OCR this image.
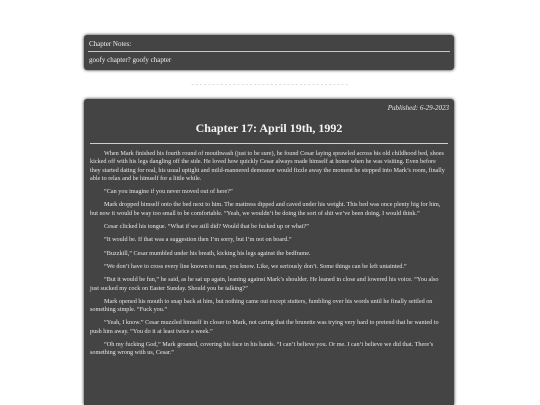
Chapter Notes:
goofy chapter? goofy chapter
~ ~ ~ ~ ~ ~ ~ ~ ~ ~ ~ ~ ~ ~ ~ ~ ~ ~ ~ ~ ~ ~ ~ ~ ~ ~ ~ ~ ~ ~ ~ ~ ~ ~ ~ ~ ~ ~
Published: 6-29-2023
Chapter 17: April 19th, 1992

When Mark finished his fourth round of mouthwash (just to be sure), he found Cesar laying sprawled across his old childhood bed, shoes kicked off with his legs dangling off the side. He loved how quickly Cesar always made himself at home when he was visiting. Even before they started dating for real, his usual uptight and mild-mannered demeanor would fizzle away the moment he stepped into Mark’s room, finally able to relax and be himself for a little while.

“Can you imagine if you never moved out of here?”

Mark dropped himself onto the bed next to him. The mattress dipped and caved under his weight. This bed was once plenty big for him, but now it would be way too small to be comfortable. “Yeah, we wouldn’t be doing the sort of shit we’ve been doing, I would think.”

Cesar clicked his tongue. “What if we still did? Would that be fucked up or what?”

“It would be. If that was a suggestion then I’m sorry, but I’m not on board.”

“Buzzkill,” Cesar mumbled under his breath, kicking his legs against the bedframe.

“We don’t have to cross every line known to man, you know. Like, we seriously don’t. Some things can be left untainted.”

“But it would be fun,” he said, as he sat up again, leaning against Mark’s shoulder. He leaned in close and lowered his voice. “You also just sucked my cock on Easter Sunday. Should you be talking?”

Mark opened his mouth to snap back at him, but nothing came out except stutters, fumbling over his words until he finally settled on something simple. “Fuck you.”

“Yeah, I know.” Cesar muzzled himself in closer to Mark, not caring that the brunette was trying very hard to pretend that he wanted to push him away. “You do it at least twice a week.”

“Oh my fucking God,” Mark groaned, covering his face in his hands. “I can’t believe you. Or me. I can’t believe we did that. There’s something wrong with us, Cesar.”
